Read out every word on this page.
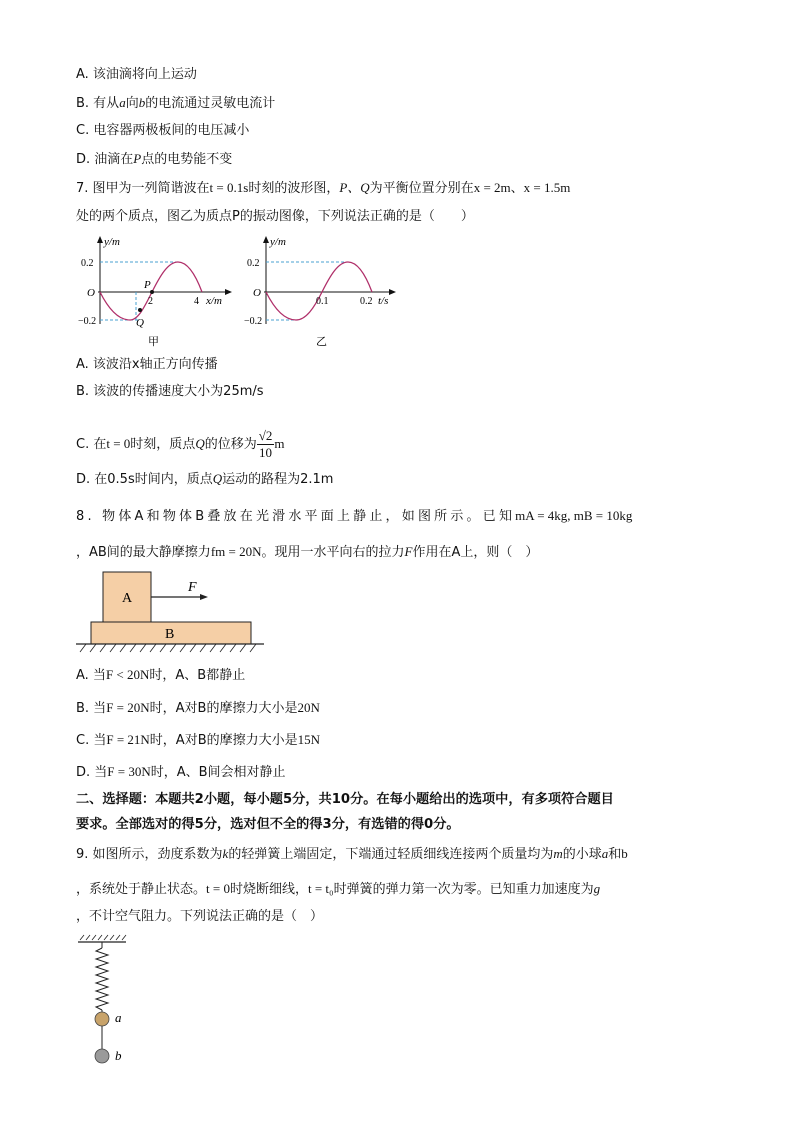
A. 该油滴将向上运动
B. 有从a向b的电流通过灵敏电流计
C. 电容器两极板间的电压减小
D. 油滴在P点的电势能不变
7. 图甲为一列简谐波在t = 0.1s时刻的波形图，P、Q为平衡位置分别在x = 2m、x = 1.5m
处的两个质点，图乙为质点P的振动图像，下列说法正确的是（　　）
y/m
O
0.2
−0.2
2	4 x/m
P
Q
甲
y/m
O
0.2
−0.2
0.1	0.2 t/s
乙
A. 该波沿x轴正方向传播
B. 该波的传播速度大小为25m/s
C. 在t = 0时刻，质点Q的位移为 $\frac{√2}{10}$ m
D. 在0.5s时间内，质点Q运动的路程为2.1m
8. 物体A和物体B叠放在光滑水平面上静止，如图所示。已知mA = 4kg, mB = 10kg
，AB间的最大静摩擦力fm = 20N。现用一水平向右的拉力F作用在A上，则（　）
A
B
F
A. 当F < 20N时，A、B都静止
B. 当F = 20N时，A对B的摩擦力大小是20N
C. 当F = 21N时，A对B的摩擦力大小是15N
D. 当F = 30N时，A、B间会相对静止
二、选择题：本题共2小题，每小题5分，共10分。在每小题给出的选项中，有多项符合题目
要求。全部选对的得5分，选对但不全的得3分，有选错的得0分。
9. 如图所示，劲度系数为k的轻弹簧上端固定，下端通过轻质细线连接两个质量均为m的小球a和b
，系统处于静止状态。t = 0时烧断细线，t = t₀时弹簧的弹力第一次为零。已知重力加速度为g
，不计空气阻力。下列说法正确的是（　）
a
b
